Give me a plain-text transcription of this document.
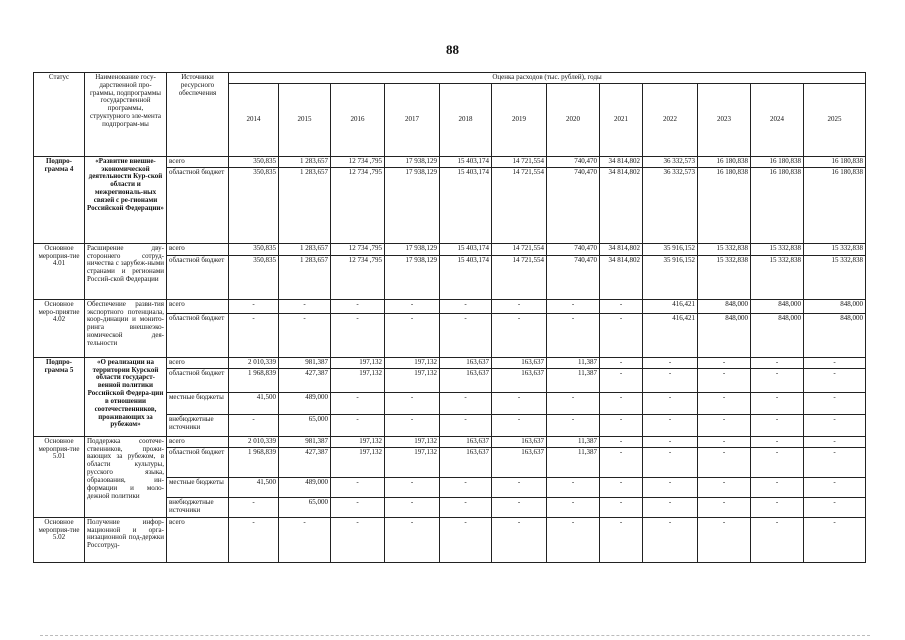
88
Статус	Наименование госу-дарственной про-граммы, подпрограммы государственной программы, структурного эле-мента подпрограм-мы	Источники ресурсного обеспечения	Оценка расходов (тыс. рублей), годы											
			2014	2015	2016	2017	2018	2019	2020	2021	2022	2023	2024	2025
Подпро-грамма 4	«Развитие внешне-экономической деятельности Кур-ской области и межрегиональ-ных связей с ре-гионами Российской Федерации»	всего	350,835	1 283,657	12 734 ,795	17 938,129	15 403,174	14 721,554	740,470	34 814,802	36 332,573	16 180,838	16 180,838	16 180,838
		областной бюджет	350,835	1 283,657	12 734 ,795	17 938,129	15 403,174	14 721,554	740,470	34 814,802	36 332,573	16 180,838	16 180,838	16 180,838
Основное мероприя-тие 4.01	Расширение дву-стороннего сотруд-ничества с зарубеж-ными странами и регионами Россий-ской Федерации	всего	350,835	1 283,657	12 734 ,795	17 938,129	15 403,174	14 721,554	740,470	34 814,802	35 916,152	15 332,838	15 332,838	15 332,838
		областной бюджет	350,835	1 283,657	12 734 ,795	17 938,129	15 403,174	14 721,554	740,470	34 814,802	35 916,152	15 332,838	15 332,838	15 332,838
Основное меро-приятие 4.02	Обеспечение разви-тия экспортного потенциала, коор-динации и монито-ринга внешнеэко-номической дея-тельности	всего	-	-	-	-	-	-	-	-	416,421	848,000	848,000	848,000
		областной бюджет	-	-	-	-	-	-	-	-	416,421	848,000	848,000	848,000
Подпро-грамма 5	«О реализации на территории Курской области государст-венной политики Российской Федера-ции в отношении соотечественников, проживающих за рубежом»	всего	2 010,339	981,387	197,132	197,132	163,637	163,637	11,387	-	-	-	-	-
		областной бюджет	1 968,839	427,387	197,132	197,132	163,637	163,637	11,387	-	-	-	-	-
		местные бюджеты	41,500	489,000	-	-	-	-	-	-	-	-	-	-
		внебюджетные источники	-	65,000	-	-	-	-	-	-	-	-	-	-
Основное мероприя-тие 5.01	Поддержка соотече-ственников, прожи-вающих за рубежом, в области культуры, русского языка, образования, ин-формации и моло-дежной политики	всего	2 010,339	981,387	197,132	197,132	163,637	163,637	11,387	-	-	-	-	-
		областной бюджет	1 968,839	427,387	197,132	197,132	163,637	163,637	11,387	-	-	-	-	-
		местные бюджеты	41,500	489,000	-	-	-	-	-	-	-	-	-	-
		внебюджетные источники	-	65,000	-	-	-	-	-	-	-	-	-	-
Основное мероприя-тие 5.02	Получение инфор-мационной и орга-низационной под-держки Россотруд-	всего	-	-	-	-	-	-	-	-	-	-	-	-
